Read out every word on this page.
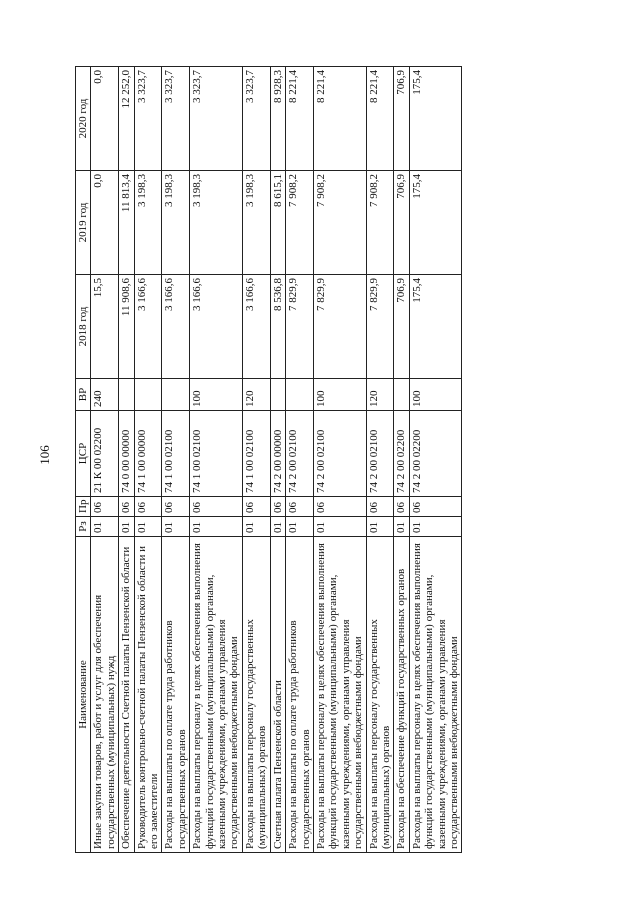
106
Наименование	Рз	Пр	ЦСР	ВР	2018 год	2019 год	2020 год
Иные закупки товаров, работ и услуг для обеспечения государственных (муниципальных) нужд	01	06	21 К 00 02200	240	15,5	0,0	0,0
Обеспечение деятельности Счетной палаты Пензенской области	01	06	74 0 00 00000		11 908,6	11 813,4	12 252,0
Руководитель контрольно-счетной палаты Пензенской области и его заместители	01	06	74 1 00 00000		3 166,6	3 198,3	3 323,7
Расходы на выплаты по оплате труда работников государственных органов	01	06	74 1 00 02100		3 166,6	3 198,3	3 323,7
Расходы на выплаты персоналу в целях обеспечения выполнения функций государственными (муниципальными) органами, казенными учреждениями, органами управления государственными внебюджетными фондами	01	06	74 1 00 02100	100	3 166,6	3 198,3	3 323,7
Расходы на выплаты персоналу государственных (муниципальных) органов	01	06	74 1 00 02100	120	3 166,6	3 198,3	3 323,7
Счетная палата Пензенской области	01	06	74 2 00 00000		8 536,8	8 615,1	8 928,3
Расходы на выплаты по оплате труда работников государственных органов	01	06	74 2 00 02100		7 829,9	7 908,2	8 221,4
Расходы на выплаты персоналу в целях обеспечения выполнения функций государственными (муниципальными) органами, казенными учреждениями, органами управления государственными внебюджетными фондами	01	06	74 2 00 02100	100	7 829,9	7 908,2	8 221,4
Расходы на выплаты персоналу государственных (муниципальных) органов	01	06	74 2 00 02100	120	7 829,9	7 908,2	8 221,4
Расходы на обеспечение функций государственных органов	01	06	74 2 00 02200		706,9	706,9	706,9
Расходы на выплаты персоналу в целях обеспечения выполнения функций государственными (муниципальными) органами, казенными учреждениями, органами управления государственными внебюджетными фондами	01	06	74 2 00 02200	100	175,4	175,4	175,4
